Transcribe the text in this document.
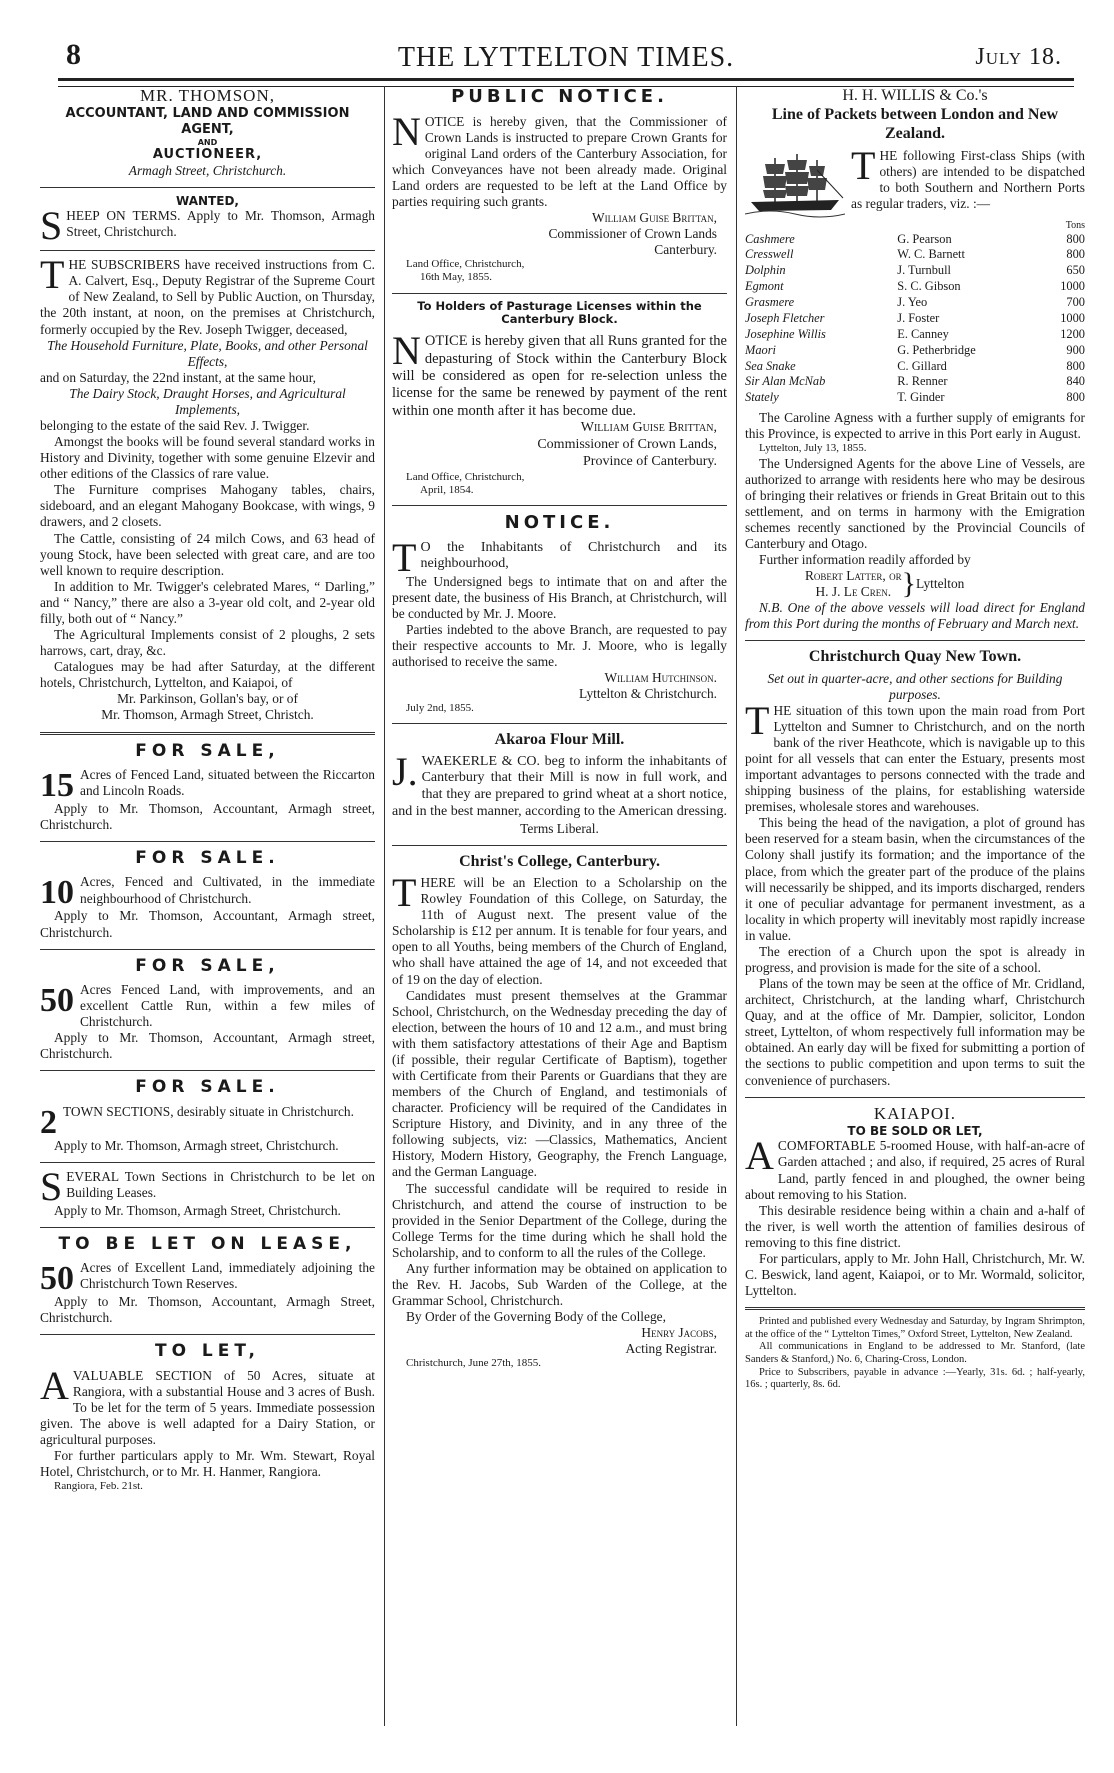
8	THE LYTTELTON TIMES.	July 18.
MR. THOMSON,
ACCOUNTANT, LAND AND COMMISSION AGENT,
AND
AUCTIONEER,
Armagh Street, Christchurch.
WANTED,

SHEEP ON TERMS. Apply to Mr. Thomson, Armagh Street, Christchurch.

THE SUBSCRIBERS have received instructions from C. A. Calvert, Esq., Deputy Registrar of the Supreme Court of New Zealand, to Sell by Public Auction, on Thursday, the 20th instant, at noon, on the premises at Christchurch, formerly occupied by the Rev. Joseph Twigger, deceased,

The Household Furniture, Plate, Books, and other Personal Effects,

and on Saturday, the 22nd instant, at the same hour,

The Dairy Stock, Draught Horses, and Agricultural Implements,

belonging to the estate of the said Rev. J. Twigger.

Amongst the books will be found several standard works in History and Divinity, together with some genuine Elzevir and other editions of the Classics of rare value.

The Furniture comprises Mahogany tables, chairs, sideboard, and an elegant Mahogany Bookcase, with wings, 9 drawers, and 2 closets.

The Cattle, consisting of 24 milch Cows, and 63 head of young Stock, have been selected with great care, and are too well known to require description.

In addition to Mr. Twigger's celebrated Mares, “ Darling,” and “ Nancy,” there are also a 3-year old colt, and 2-year old filly, both out of “ Nancy.”

The Agricultural Implements consist of 2 ploughs, 2 sets harrows, cart, dray, &c.

Catalogues may be had after Saturday, at the different hotels, Christchurch, Lyttelton, and Kaiapoi, of

Mr. Parkinson, Gollan's bay, or of
Mr. Thomson, Armagh Street, Christch.
FOR SALE,

15 Acres of Fenced Land, situated between the Riccarton and Lincoln Roads.

Apply to Mr. Thomson, Accountant, Armagh street, Christchurch.

FOR SALE.

10 Acres, Fenced and Cultivated, in the immediate neighbourhood of Christchurch.

Apply to Mr. Thomson, Accountant, Armagh street, Christchurch.

FOR SALE,

50 Acres Fenced Land, with improvements, and an excellent Cattle Run, within a few miles of Christchurch.

Apply to Mr. Thomson, Accountant, Armagh street, Christchurch.

FOR SALE.

2 TOWN SECTIONS, desirably situate in Christchurch.

Apply to Mr. Thomson, Armagh street, Christchurch.

SEVERAL Town Sections in Christchurch to be let on Building Leases.

Apply to Mr. Thomson, Armagh Street, Christchurch.

TO BE LET ON LEASE,

50 Acres of Excellent Land, immediately adjoining the Christchurch Town Reserves.

Apply to Mr. Thomson, Accountant, Armagh Street, Christchurch.

TO LET,

AVALUABLE SECTION of 50 Acres, situate at Rangiora, with a substantial House and 3 acres of Bush. To be let for the term of 5 years. Immediate possession given. The above is well adapted for a Dairy Station, or agricultural purposes.

For further particulars apply to Mr. Wm. Stewart, Royal Hotel, Christchurch, or to Mr. H. Hanmer, Rangiora.

Rangiora, Feb. 21st.

PUBLIC NOTICE.

NOTICE is hereby given, that the Commissioner of Crown Lands is instructed to prepare Crown Grants for original Land orders of the Canterbury Association, for which Conveyances have not been already made. Original Land orders are requested to be left at the Land Office by parties requiring such grants.

William Guise Brittan,
Commissioner of Crown Lands
Canterbury.
Land Office, Christchurch,
16th May, 1855.
To Holders of Pasturage Licenses within the Canterbury Block.

NOTICE is hereby given that all Runs granted for the depasturing of Stock within the Canterbury Block will be considered as open for re-selection unless the license for the same be renewed by payment of the rent within one month after it has become due.

William Guise Brittan,
Commissioner of Crown Lands,
Province of Canterbury.
Land Office, Christchurch,
April, 1854.
NOTICE.

T O the Inhabitants of Christchurch and its neighbourhood,

The Undersigned begs to intimate that on and after the present date, the business of His Branch, at Christchurch, will be conducted by Mr. J. Moore.

Parties indebted to the above Branch, are requested to pay their respective accounts to Mr. J. Moore, who is legally authorised to receive the same.

William Hutchinson.
Lyttelton & Christchurch.
July 2nd, 1855.
Akaroa Flour Mill.

J. WAEKERLE & CO. beg to inform the inhabitants of Canterbury that their Mill is now in full work, and that they are prepared to grind wheat at a short notice, and in the best manner, according to the American dressing.

Terms Liberal.
Christ's College, Canterbury.

THERE will be an Election to a Scholarship on the Rowley Foundation of this College, on Saturday, the 11th of August next. The present value of the Scholarship is £12 per annum. It is tenable for four years, and open to all Youths, being members of the Church of England, who shall have attained the age of 14, and not exceeded that of 19 on the day of election.

Candidates must present themselves at the Grammar School, Christchurch, on the Wednesday preceding the day of election, between the hours of 10 and 12 a.m., and must bring with them satisfactory attestations of their Age and Baptism (if possible, their regular Certificate of Baptism), together with Certificate from their Parents or Guardians that they are members of the Church of England, and testimonials of character. Proficiency will be required of the Candidates in Scripture History, and Divinity, and in any three of the following subjects, viz: —Classics, Mathematics, Ancient History, Modern History, Geography, the French Language, and the German Language.

The successful candidate will be required to reside in Christchurch, and attend the course of instruction to be provided in the Senior Department of the College, during the College Terms for the time during which he shall hold the Scholarship, and to conform to all the rules of the College.

Any further information may be obtained on application to the Rev. H. Jacobs, Sub Warden of the College, at the Grammar School, Christchurch.

By Order of the Governing Body of the College,

Henry Jacobs,
Acting Registrar.
Christchurch, June 27th, 1855.
H. H. WILLIS & Co.'s
Line of Packets between London and New Zealand.

THE following First-class Ships (with others) are intended to be dispatched to both Southern and Northern Ports as regular traders, viz. :—

Tons
Cashmere	G. Pearson	800
Cresswell	W. C. Barnett	800
Dolphin	J. Turnbull	650
Egmont	S. C. Gibson	1000
Grasmere	J. Yeo	700
Joseph Fletcher	J. Foster	1000
Josephine Willis	E. Canney	1200
Maori	G. Petherbridge	900
Sea Snake	C. Gillard	800
Sir Alan McNab	R. Renner	840
Stately	T. Ginder	800

The Caroline Agness with a further supply of emigrants for this Province, is expected to arrive in this Port early in August.

Lyttelton, July 13, 1855.

The Undersigned Agents for the above Line of Vessels, are authorized to arrange with residents here who may be desirous of bringing their relatives or friends in Great Britain out to this settlement, and on terms in harmony with the Emigration schemes recently sanctioned by the Provincial Councils of Canterbury and Otago.

Further information readily afforded by

Robert Latter, or
H. J. Le Cren. } Lyttelton

N.B. One of the above vessels will load direct for England from this Port during the months of February and March next.

Christchurch Quay New Town.
Set out in quarter-acre, and other sections for Building purposes.

THE situation of this town upon the main road from Port Lyttelton and Sumner to Christchurch, and on the north bank of the river Heathcote, which is navigable up to this point for all vessels that can enter the Estuary, presents most important advantages to persons connected with the trade and shipping business of the plains, for establishing waterside premises, wholesale stores and warehouses.

This being the head of the navigation, a plot of ground has been reserved for a steam basin, when the circumstances of the Colony shall justify its formation; and the importance of the place, from which the greater part of the produce of the plains will necessarily be shipped, and its imports discharged, renders it one of peculiar advantage for permanent investment, as a locality in which property will inevitably most rapidly increase in value.

The erection of a Church upon the spot is already in progress, and provision is made for the site of a school.

Plans of the town may be seen at the office of Mr. Cridland, architect, Christchurch, at the landing wharf, Christchurch Quay, and at the office of Mr. Dampier, solicitor, London street, Lyttelton, of whom respectively full information may be obtained. An early day will be fixed for submitting a portion of the sections to public competition and upon terms to suit the convenience of purchasers.

KAIAPOI.
TO BE SOLD OR LET,

ACOMFORTABLE 5-roomed House, with half-an-acre of Garden attached ; and also, if required, 25 acres of Rural Land, partly fenced in and ploughed, the owner being about removing to his Station.

This desirable residence being within a chain and a-half of the river, is well worth the attention of families desirous of removing to this fine district.

For particulars, apply to Mr. John Hall, Christchurch, Mr. W. C. Beswick, land agent, Kaiapoi, or to Mr. Wormald, solicitor, Lyttelton.

Printed and published every Wednesday and Saturday, by Ingram Shrimpton, at the office of the “ Lyttelton Times,” Oxford Street, Lyttelton, New Zealand.

All communications in England to be addressed to Mr. Stanford, (late Sanders & Stanford,) No. 6, Charing-Cross, London.

Price to Subscribers, payable in advance :—Yearly, 31s. 6d. ; half-yearly, 16s. ; quarterly, 8s. 6d.
